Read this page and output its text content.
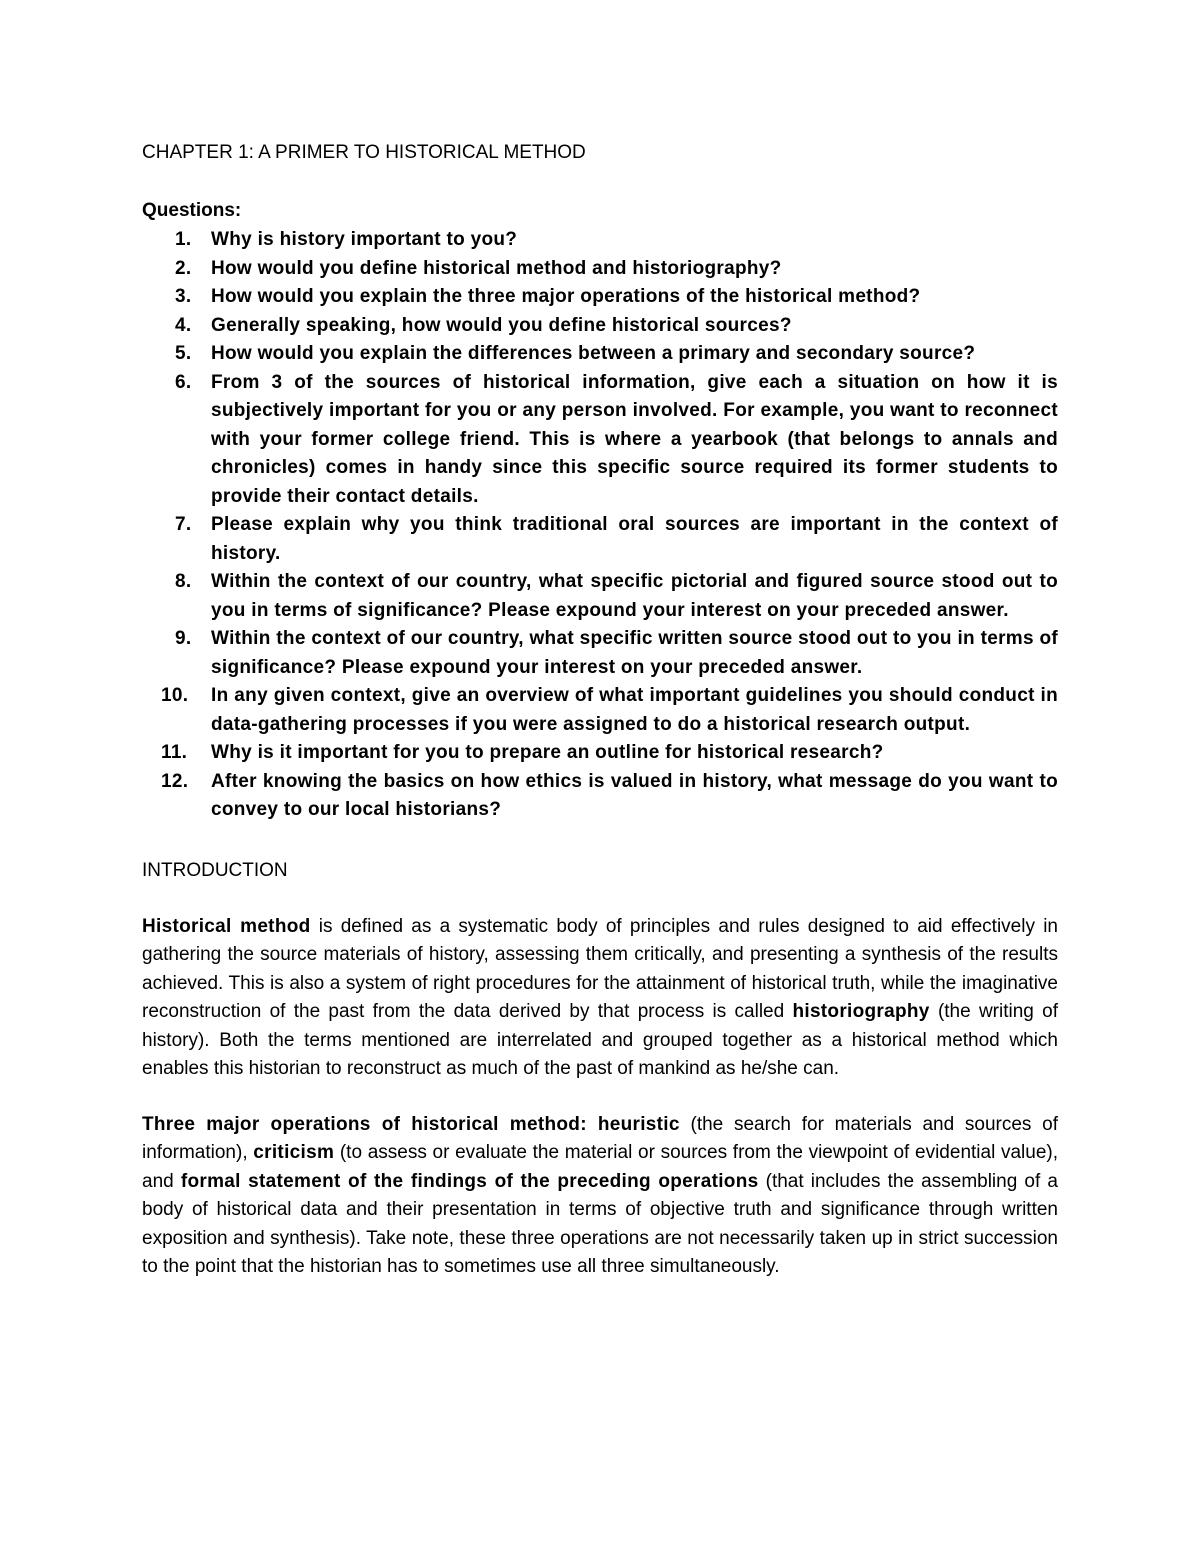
CHAPTER 1: A PRIMER TO HISTORICAL METHOD
Questions:
1. Why is history important to you?
2. How would you define historical method and historiography?
3. How would you explain the three major operations of the historical method?
4. Generally speaking, how would you define historical sources?
5. How would you explain the differences between a primary and secondary source?
6. From 3 of the sources of historical information, give each a situation on how it is subjectively important for you or any person involved. For example, you want to reconnect with your former college friend. This is where a yearbook (that belongs to annals and chronicles) comes in handy since this specific source required its former students to provide their contact details.
7. Please explain why you think traditional oral sources are important in the context of history.
8. Within the context of our country, what specific pictorial and figured source stood out to you in terms of significance? Please expound your interest on your preceded answer.
9. Within the context of our country, what specific written source stood out to you in terms of significance? Please expound your interest on your preceded answer.
10. In any given context, give an overview of what important guidelines you should conduct in data-gathering processes if you were assigned to do a historical research output.
11. Why is it important for you to prepare an outline for historical research?
12. After knowing the basics on how ethics is valued in history, what message do you want to convey to our local historians?
INTRODUCTION

Historical method is defined as a systematic body of principles and rules designed to aid effectively in gathering the source materials of history, assessing them critically, and presenting a synthesis of the results achieved. This is also a system of right procedures for the attainment of historical truth, while the imaginative reconstruction of the past from the data derived by that process is called historiography (the writing of history). Both the terms mentioned are interrelated and grouped together as a historical method which enables this historian to reconstruct as much of the past of mankind as he/she can.

Three major operations of historical method: heuristic (the search for materials and sources of information), criticism (to assess or evaluate the material or sources from the viewpoint of evidential value), and formal statement of the findings of the preceding operations (that includes the assembling of a body of historical data and their presentation in terms of objective truth and significance through written exposition and synthesis). Take note, these three operations are not necessarily taken up in strict succession to the point that the historian has to sometimes use all three simultaneously.
